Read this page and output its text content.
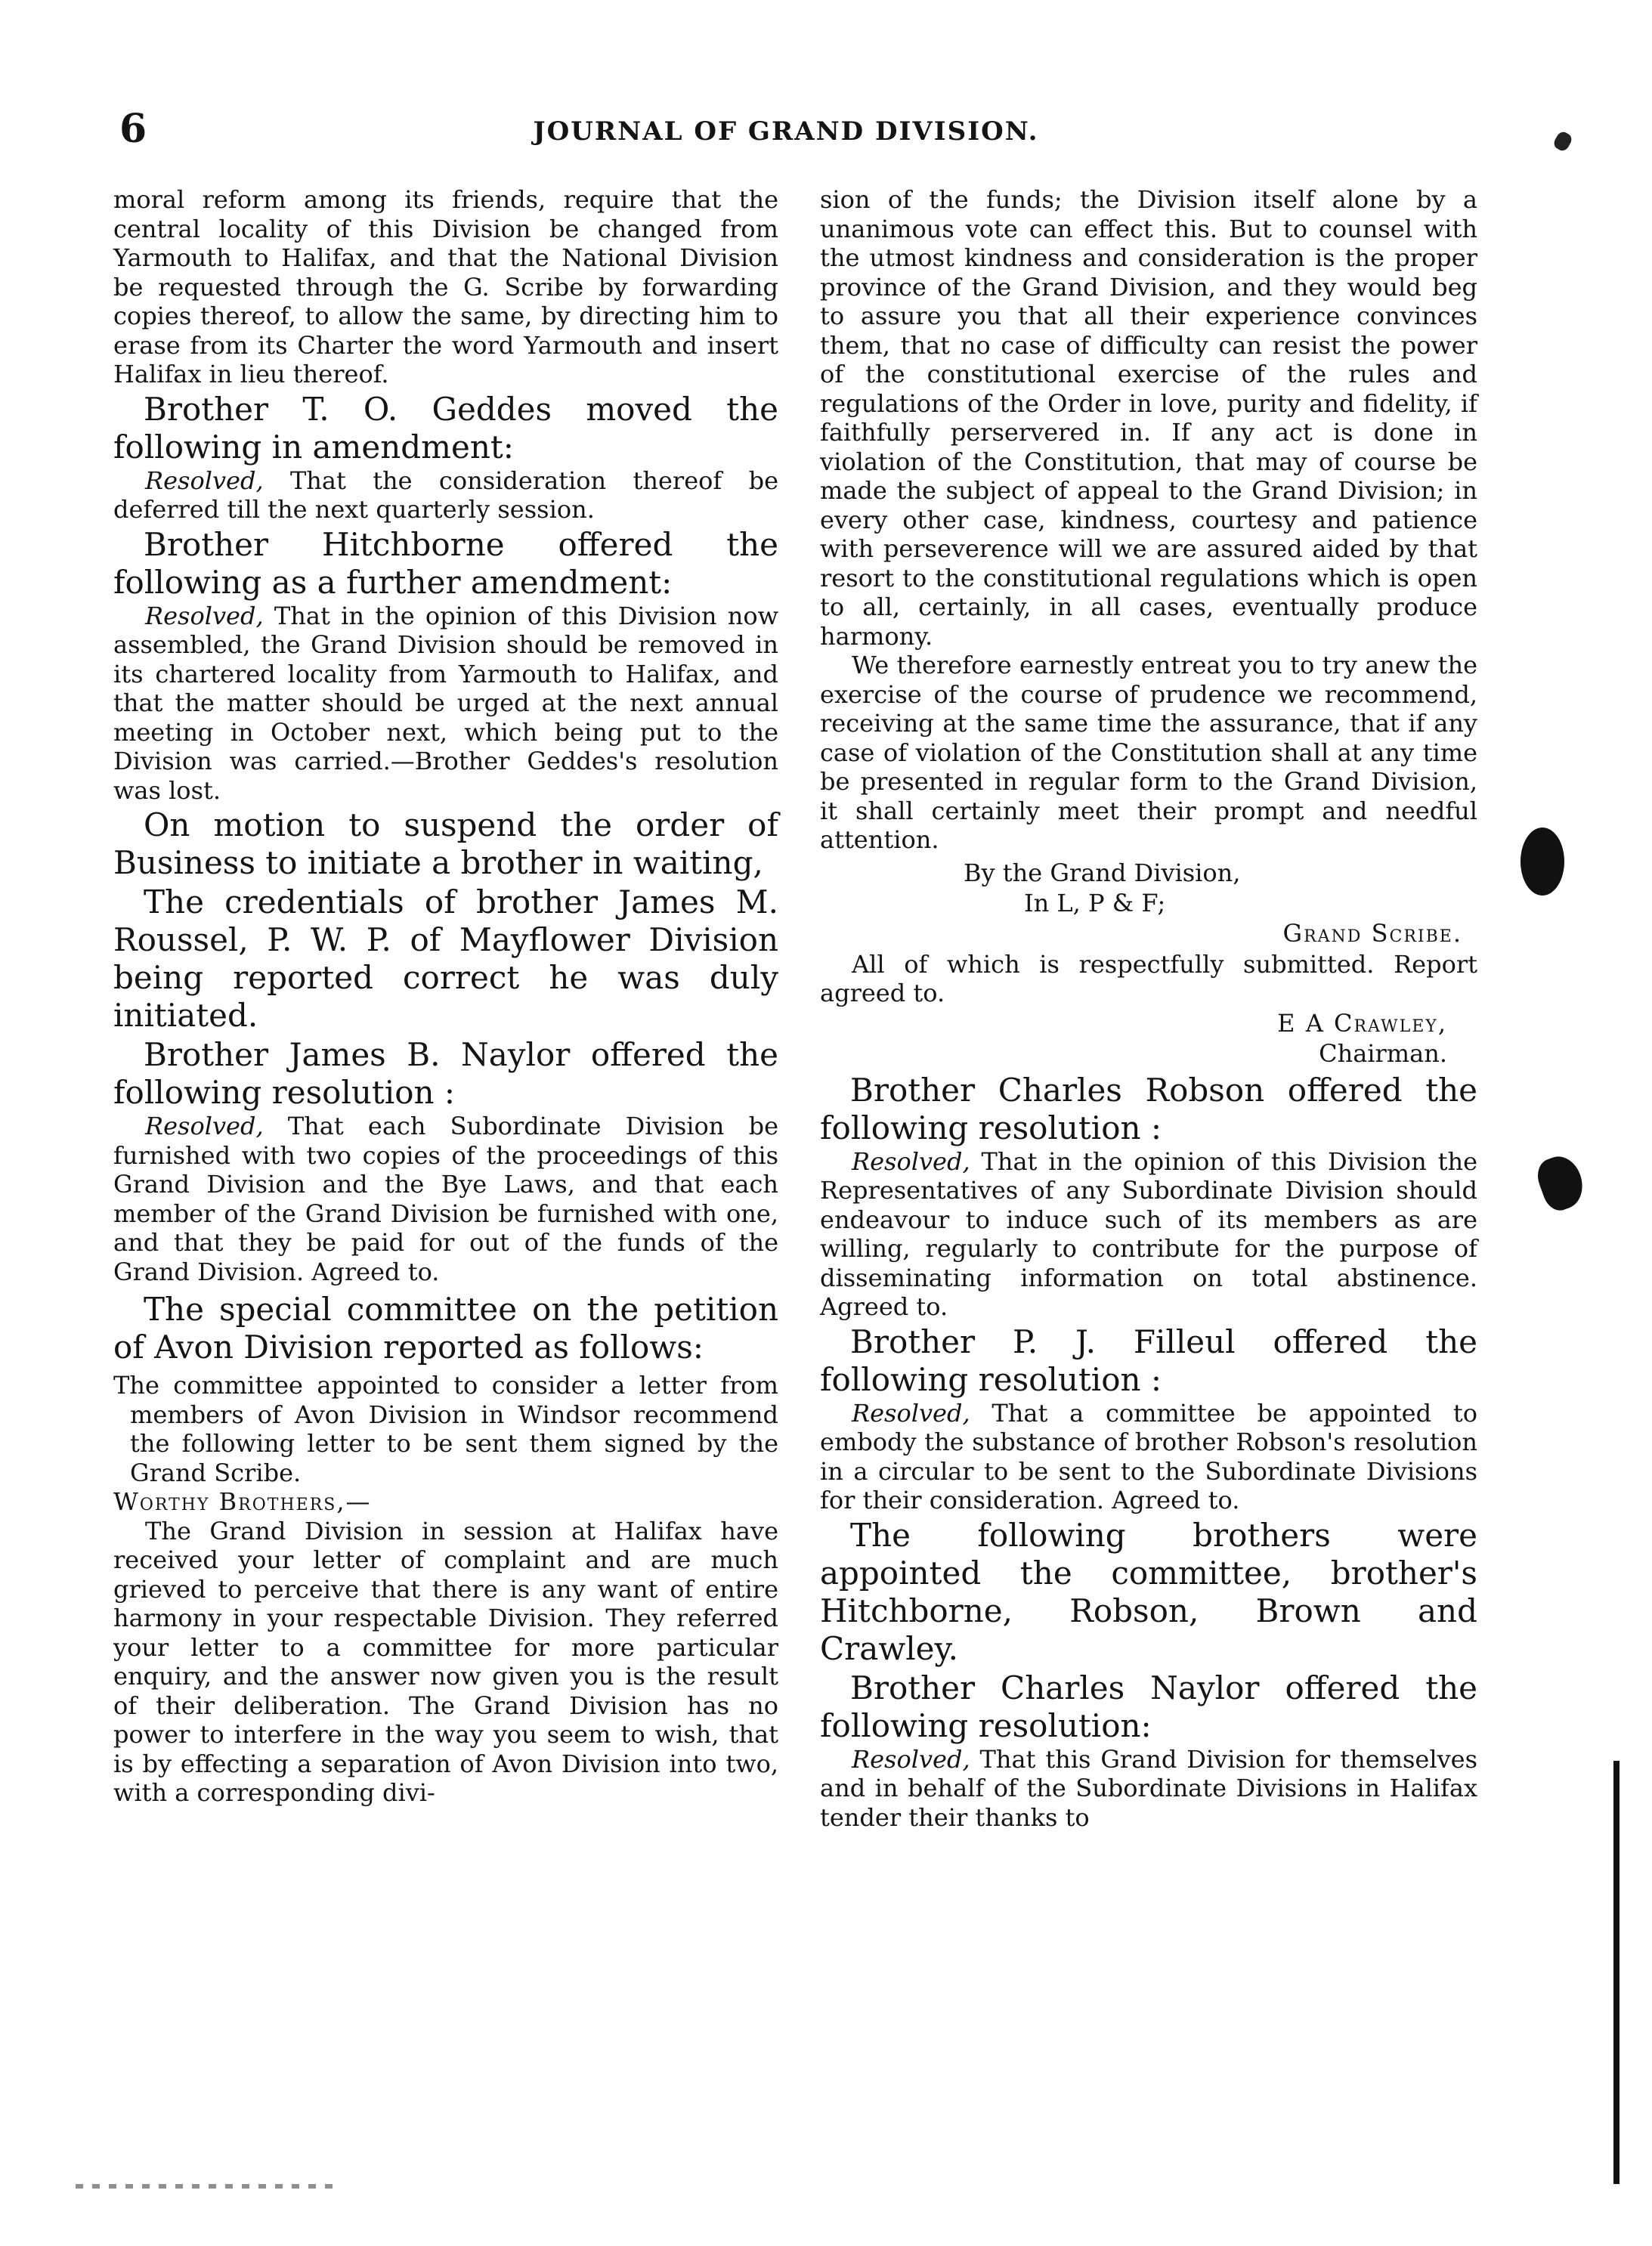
6	JOURNAL OF GRAND DIVISION.

moral reform among its friends, require that the central locality of this Division be changed from Yarmouth to Halifax, and that the National Division be requested through the G. Scribe by forwarding copies thereof, to allow the same, by directing him to erase from its Charter the word Yarmouth and insert Halifax in lieu thereof.

Brother T. O. Geddes moved the following in amendment:

Resolved, That the consideration thereof be deferred till the next quarterly session.

Brother Hitchborne offered the following as a further amendment:

Resolved, That in the opinion of this Division now assembled, the Grand Division should be removed in its chartered locality from Yarmouth to Halifax, and that the matter should be urged at the next annual meeting in October next, which being put to the Division was carried.—Brother Geddes's resolution was lost.

On motion to suspend the order of Business to initiate a brother in waiting,

The credentials of brother James M. Roussel, P. W. P. of Mayflower Division being reported correct he was duly initiated.

Brother James B. Naylor offered the following resolution :

Resolved, That each Subordinate Division be furnished with two copies of the proceedings of this Grand Division and the Bye Laws, and that each member of the Grand Division be furnished with one, and that they be paid for out of the funds of the Grand Division. Agreed to.

The special committee on the petition of Avon Division reported as follows:

The committee appointed to consider a letter from members of Avon Division in Windsor recommend the following letter to be sent them signed by the Grand Scribe.

Worthy Brothers,—

The Grand Division in session at Halifax have received your letter of complaint and are much grieved to perceive that there is any want of entire harmony in your respectable Division. They referred your letter to a committee for more particular enquiry, and the answer now given you is the result of their deliberation. The Grand Division has no power to interfere in the way you seem to wish, that is by effecting a separation of Avon Division into two, with a corresponding divi-

sion of the funds; the Division itself alone by a unanimous vote can effect this. But to counsel with the utmost kindness and consideration is the proper province of the Grand Division, and they would beg to assure you that all their experience convinces them, that no case of difficulty can resist the power of the constitutional exercise of the rules and regulations of the Order in love, purity and fidelity, if faithfully perservered in. If any act is done in violation of the Constitution, that may of course be made the subject of appeal to the Grand Division; in every other case, kindness, courtesy and patience with perseverence will we are assured aided by that resort to the constitutional regulations which is open to all, certainly, in all cases, eventually produce harmony.

We therefore earnestly entreat you to try anew the exercise of the course of prudence we recommend, receiving at the same time the assurance, that if any case of violation of the Constitution shall at any time be presented in regular form to the Grand Division, it shall certainly meet their prompt and needful attention.

By the Grand Division,

In L, P & F;

Grand Scribe.

All of which is respectfully submitted. Report agreed to.

E A Crawley,

Chairman.

Brother Charles Robson offered the following resolution :

Resolved, That in the opinion of this Division the Representatives of any Subordinate Division should endeavour to induce such of its members as are willing, regularly to contribute for the purpose of disseminating information on total abstinence. Agreed to.

Brother P. J. Filleul offered the following resolution :

Resolved, That a committee be appointed to embody the substance of brother Robson's resolution in a circular to be sent to the Subordinate Divisions for their consideration. Agreed to.

The following brothers were appointed the committee, brother's Hitchborne, Robson, Brown and Crawley.

Brother Charles Naylor offered the following resolution:

Resolved, That this Grand Division for themselves and in behalf of the Subordinate Divisions in Halifax tender their thanks to
